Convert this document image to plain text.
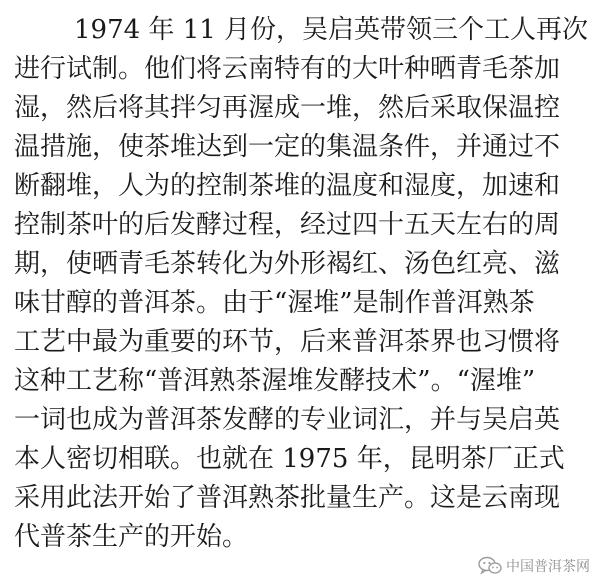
1974 年 11 月份，吴启英带领三个工人再次
进行试制。他们将云南特有的大叶种晒青毛茶加
湿，然后将其拌匀再渥成一堆，然后采取保温控
温措施，使茶堆达到一定的集温条件，并通过不
断翻堆，人为的控制茶堆的温度和湿度，加速和
控制茶叶的后发酵过程，经过四十五天左右的周
期，使晒青毛茶转化为外形褐红、汤色红亮、滋
味甘醇的普洱茶。由于“渥堆”是制作普洱熟茶
工艺中最为重要的环节，后来普洱茶界也习惯将
这种工艺称“普洱熟茶渥堆发酵技术”。“渥堆”
一词也成为普洱茶发酵的专业词汇，并与吴启英
本人密切相联。也就在 1975 年，昆明茶厂正式
采用此法开始了普洱熟茶批量生产。这是云南现
代普茶生产的开始。
中国普洱茶网
